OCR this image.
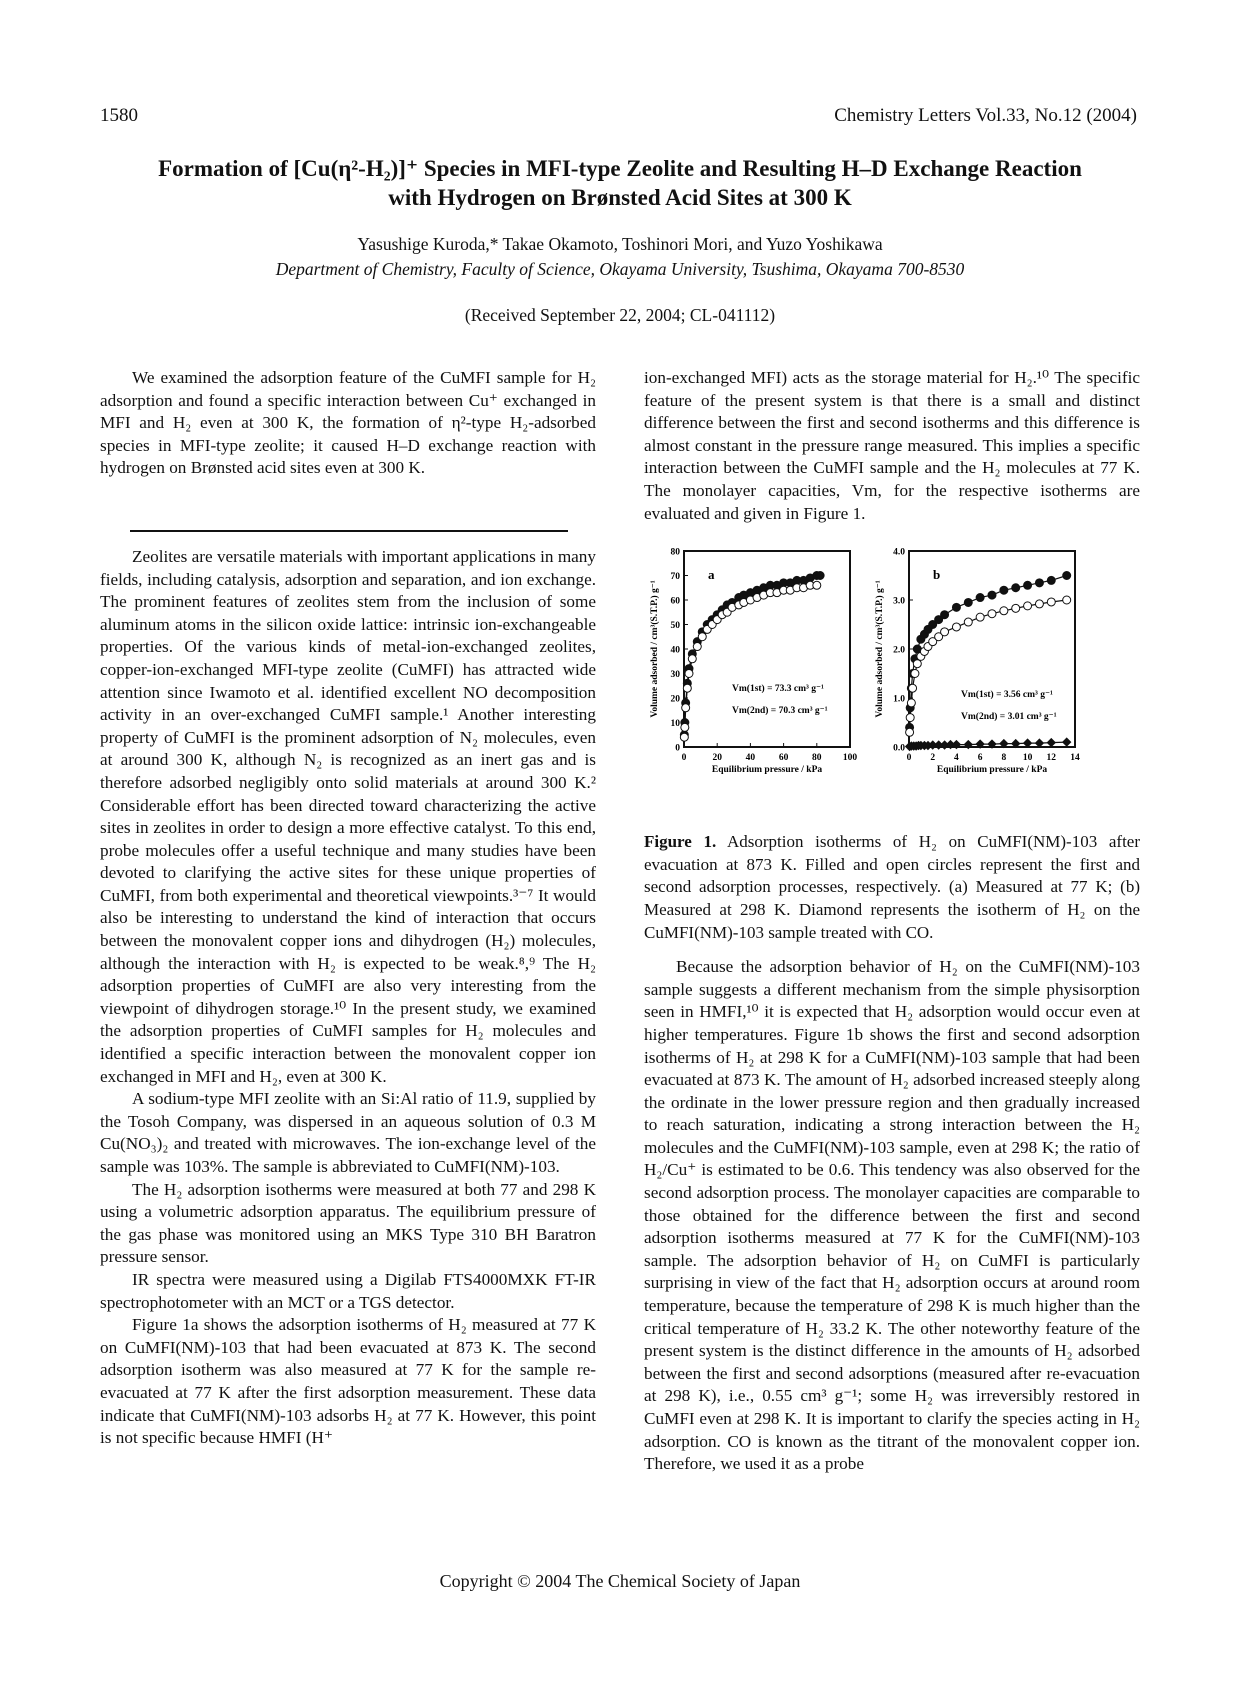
1580	Chemistry Letters Vol.33, No.12 (2004)
Formation of [Cu(η²-H₂)]⁺ Species in MFI-type Zeolite and Resulting H–D Exchange Reaction
with Hydrogen on Brønsted Acid Sites at 300 K
Yasushige Kuroda,* Takae Okamoto, Toshinori Mori, and Yuzo Yoshikawa
Department of Chemistry, Faculty of Science, Okayama University, Tsushima, Okayama 700-8530
(Received September 22, 2004; CL-041112)

We examined the adsorption feature of the CuMFI sample for H₂ adsorption and found a specific interaction between Cu⁺ exchanged in MFI and H₂ even at 300 K, the formation of η²-type H₂-adsorbed species in MFI-type zeolite; it caused H–D exchange reaction with hydrogen on Brønsted acid sites even at 300 K.

Zeolites are versatile materials with important applications in many fields, including catalysis, adsorption and separation, and ion exchange. The prominent features of zeolites stem from the inclusion of some aluminum atoms in the silicon oxide lattice: intrinsic ion-exchangeable properties. Of the various kinds of metal-ion-exchanged zeolites, copper-ion-exchanged MFI-type zeolite (CuMFI) has attracted wide attention since Iwamoto et al. identified excellent NO decomposition activity in an over-exchanged CuMFI sample.¹ Another interesting property of CuMFI is the prominent adsorption of N₂ molecules, even at around 300 K, although N₂ is recognized as an inert gas and is therefore adsorbed negligibly onto solid materials at around 300 K.² Considerable effort has been directed toward characterizing the active sites in zeolites in order to design a more effective catalyst. To this end, probe molecules offer a useful technique and many studies have been devoted to clarifying the active sites for these unique properties of CuMFI, from both experimental and theoretical viewpoints.³⁻⁷ It would also be interesting to understand the kind of interaction that occurs between the monovalent copper ions and dihydrogen (H₂) molecules, although the interaction with H₂ is expected to be weak.⁸,⁹ The H₂ adsorption properties of CuMFI are also very interesting from the viewpoint of dihydrogen storage.¹⁰ In the present study, we examined the adsorption properties of CuMFI samples for H₂ molecules and identified a specific interaction between the monovalent copper ion exchanged in MFI and H₂, even at 300 K.

A sodium-type MFI zeolite with an Si:Al ratio of 11.9, supplied by the Tosoh Company, was dispersed in an aqueous solution of 0.3 M Cu(NO₃)₂ and treated with microwaves. The ion-exchange level of the sample was 103%. The sample is abbreviated to CuMFI(NM)-103.

The H₂ adsorption isotherms were measured at both 77 and 298 K using a volumetric adsorption apparatus. The equilibrium pressure of the gas phase was monitored using an MKS Type 310 BH Baratron pressure sensor.

IR spectra were measured using a Digilab FTS4000MXK FT-IR spectrophotometer with an MCT or a TGS detector.

Figure 1a shows the adsorption isotherms of H₂ measured at 77 K on CuMFI(NM)-103 that had been evacuated at 873 K. The second adsorption isotherm was also measured at 77 K for the sample re-evacuated at 77 K after the first adsorption measurement. These data indicate that CuMFI(NM)-103 adsorbs H₂ at 77 K. However, this point is not specific because HMFI (H⁺

ion-exchanged MFI) acts as the storage material for H₂.¹⁰ The specific feature of the present system is that there is a small and distinct difference between the first and second isotherms and this difference is almost constant in the pressure range measured. This implies a specific interaction between the CuMFI sample and the H₂ molecules at 77 K. The monolayer capacities, Vm, for the respective isotherms are evaluated and given in Figure 1.

0
10
20
30
40
50
60
70
80
0	20 40 60 80 100
Equilibrium pressure / kPa
Volume adsorbed / cm³(S.T.P.) g⁻¹
a
Vm(1st) = 73.3 cm³ g⁻¹
Vm(2nd) = 70.3 cm³ g⁻¹
0.0
1.0
2.0
3.0
4.0
0 2 4 6 8 10 12 14
Equilibrium pressure / kPa
Volume adsorbed / cm³(S.T.P.) g⁻¹
b
Vm(1st) = 3.56 cm³ g⁻¹
Vm(2nd) = 3.01 cm³ g⁻¹

Figure 1. Adsorption isotherms of H₂ on CuMFI(NM)-103 after evacuation at 873 K. Filled and open circles represent the first and second adsorption processes, respectively. (a) Measured at 77 K; (b) Measured at 298 K. Diamond represents the isotherm of H₂ on the CuMFI(NM)-103 sample treated with CO.

Because the adsorption behavior of H₂ on the CuMFI(NM)-103 sample suggests a different mechanism from the simple physisorption seen in HMFI,¹⁰ it is expected that H₂ adsorption would occur even at higher temperatures. Figure 1b shows the first and second adsorption isotherms of H₂ at 298 K for a CuMFI(NM)-103 sample that had been evacuated at 873 K. The amount of H₂ adsorbed increased steeply along the ordinate in the lower pressure region and then gradually increased to reach saturation, indicating a strong interaction between the H₂ molecules and the CuMFI(NM)-103 sample, even at 298 K; the ratio of H₂/Cu⁺ is estimated to be 0.6. This tendency was also observed for the second adsorption process. The monolayer capacities are comparable to those obtained for the difference between the first and second adsorption isotherms measured at 77 K for the CuMFI(NM)-103 sample. The adsorption behavior of H₂ on CuMFI is particularly surprising in view of the fact that H₂ adsorption occurs at around room temperature, because the temperature of 298 K is much higher than the critical temperature of H₂ 33.2 K. The other noteworthy feature of the present system is the distinct difference in the amounts of H₂ adsorbed between the first and second adsorptions (measured after re-evacuation at 298 K), i.e., 0.55 cm³ g⁻¹; some H₂ was irreversibly restored in CuMFI even at 298 K. It is important to clarify the species acting in H₂ adsorption. CO is known as the titrant of the monovalent copper ion. Therefore, we used it as a probe

Copyright © 2004 The Chemical Society of Japan
